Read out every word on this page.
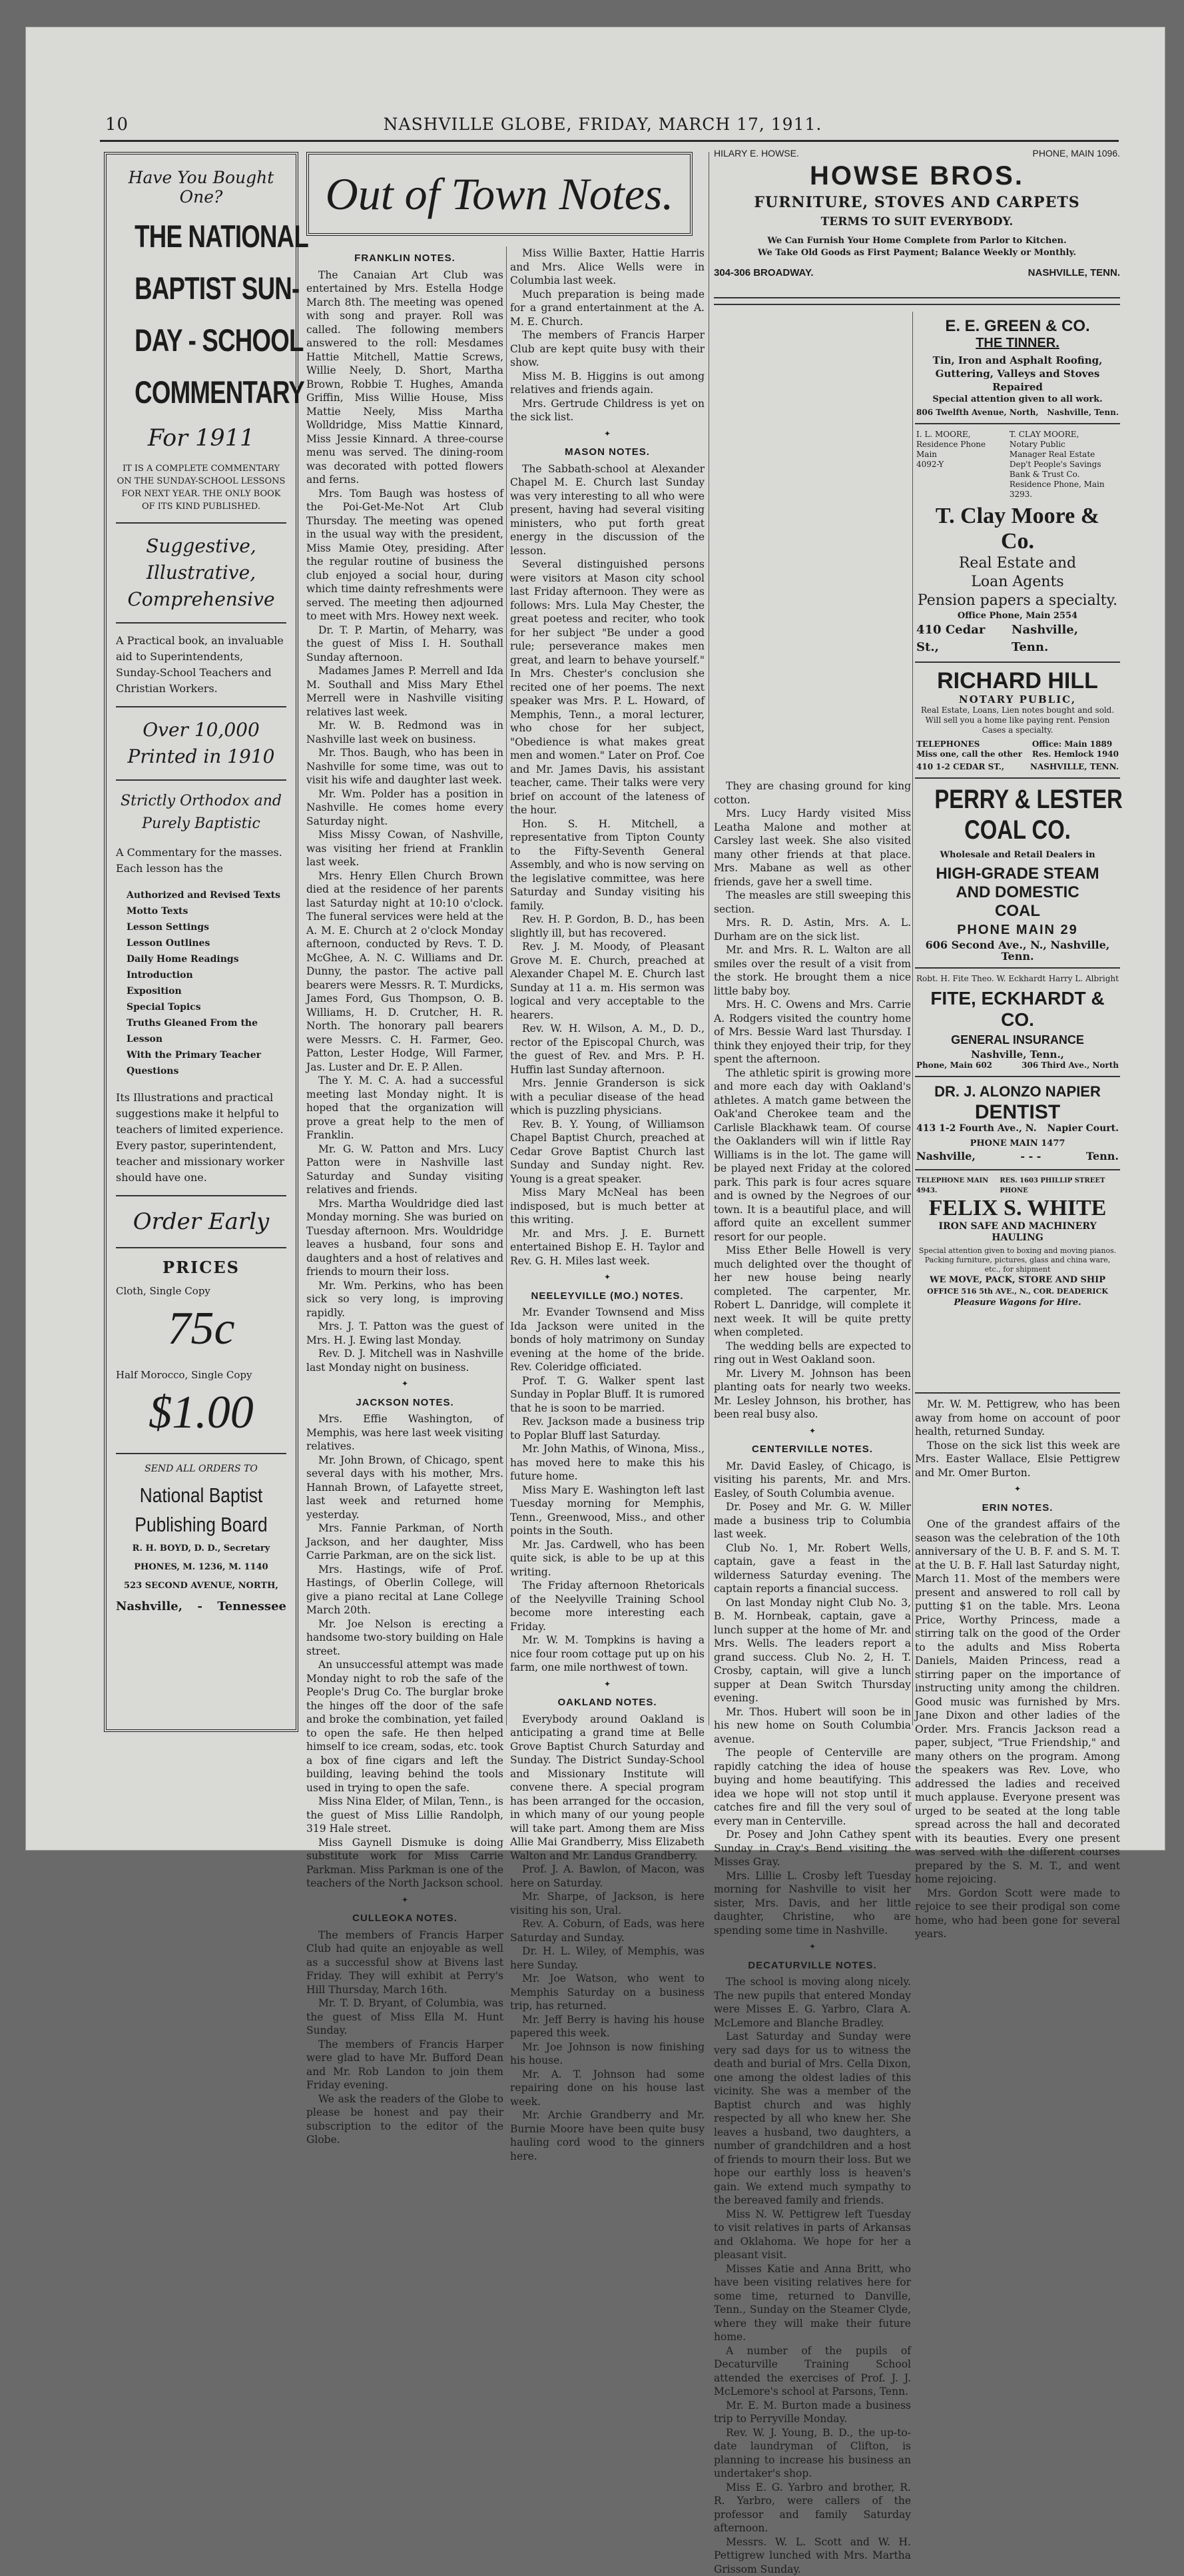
10	NASHVILLE GLOBE, FRIDAY, MARCH 17, 1911.
Have You Bought One?
THE NATIONAL
BAPTIST SUN-
DAY - SCHOOL
COMMENTARY
For 1911
IT IS A COMPLETE COMMENTARY ON THE SUNDAY-SCHOOL LESSONS FOR NEXT YEAR. THE ONLY BOOK OF ITS KIND PUBLISHED.
Suggestive, Illustrative, Comprehensive
A Practical book, an invaluable aid to Superintendents, Sunday-School Teachers and Christian Workers.
Over 10,000 Printed in 1910
Strictly Orthodox and Purely Baptistic
A Commentary for the masses. Each lesson has the
Authorized and Revised Texts
Motto Texts
Lesson Settings
Lesson Outlines
Daily Home Readings
Introduction
Exposition
Special Topics
Truths Gleaned From the Lesson
With the Primary Teacher
Questions
Its Illustrations and practical suggestions make it helpful to teachers of limited experience. Every pastor, superintendent, teacher and missionary worker should have one.
Order Early
PRICES
Cloth, Single Copy
75c
Half Morocco, Single Copy
$1.00
SEND ALL ORDERS TO
National Baptist
Publishing Board
R. H. BOYD, D. D., Secretary
PHONES, M. 1236, M. 1140
523 SECOND AVENUE, NORTH,
Nashville, - Tennessee
Out of Town Notes.
FRANKLIN NOTES.

The Canaian Art Club was entertained by Mrs. Estella Hodge March 8th. The meeting was opened with song and prayer. Roll was called. The following members answered to the roll: Mesdames Hattie Mitchell, Mattie Screws, Willie Neely, D. Short, Martha Brown, Robbie T. Hughes, Amanda Griffin, Miss Willie House, Miss Mattie Neely, Miss Martha Wolldridge, Miss Mattie Kinnard, Miss Jessie Kinnard. A three-course menu was served. The dining-room was decorated with potted flowers and ferns.

Mrs. Tom Baugh was hostess of the Poi-Get-Me-Not Art Club Thursday. The meeting was opened in the usual way with the president, Miss Mamie Otey, presiding. After the regular routine of business the club enjoyed a social hour, during which time dainty refreshments were served. The meeting then adjourned to meet with Mrs. Howey next week.

Dr. T. P. Martin, of Meharry, was the guest of Miss I. H. Southall Sunday afternoon.

Madames James P. Merrell and Ida M. Southall and Miss Mary Ethel Merrell were in Nashville visiting relatives last week.

Mr. W. B. Redmond was in Nashville last week on business.

Mr. Thos. Baugh, who has been in Nashville for some time, was out to visit his wife and daughter last week.

Mr. Wm. Polder has a position in Nashville. He comes home every Saturday night.

Miss Missy Cowan, of Nashville, was visiting her friend at Franklin last week.

Mrs. Henry Ellen Church Brown died at the residence of her parents last Saturday night at 10:10 o'clock. The funeral services were held at the A. M. E. Church at 2 o'clock Monday afternoon, conducted by Revs. T. D. McGhee, A. N. C. Williams and Dr. Dunny, the pastor. The active pall bearers were Messrs. R. T. Murdicks, James Ford, Gus Thompson, O. B. Williams, H. D. Crutcher, H. R. North. The honorary pall bearers were Messrs. C. H. Farmer, Geo. Patton, Lester Hodge, Will Farmer, Jas. Luster and Dr. E. P. Allen.

The Y. M. C. A. had a successful meeting last Monday night. It is hoped that the organization will prove a great help to the men of Franklin.

Mr. G. W. Patton and Mrs. Lucy Patton were in Nashville last Saturday and Sunday visiting relatives and friends.

Mrs. Martha Wouldridge died last Monday morning. She was buried on Tuesday afternoon. Mrs. Wouldridge leaves a husband, four sons and daughters and a host of relatives and friends to mourn their loss.

Mr. Wm. Perkins, who has been sick so very long, is improving rapidly.

Mrs. J. T. Patton was the guest of Mrs. H. J. Ewing last Monday.

Rev. D. J. Mitchell was in Nashville last Monday night on business.

✦
JACKSON NOTES.

Mrs. Effie Washington, of Memphis, was here last week visiting relatives.

Mr. John Brown, of Chicago, spent several days with his mother, Mrs. Hannah Brown, of Lafayette street, last week and returned home yesterday.

Mrs. Fannie Parkman, of North Jackson, and her daughter, Miss Carrie Parkman, are on the sick list.

Mrs. Hastings, wife of Prof. Hastings, of Oberlin College, will give a piano recital at Lane College March 20th.

Mr. Joe Nelson is erecting a handsome two-story building on Hale street.

An unsuccessful attempt was made Monday night to rob the safe of the People's Drug Co. The burglar broke the hinges off the door of the safe and broke the combination, yet failed to open the safe. He then helped himself to ice cream, sodas, etc. took a box of fine cigars and left the building, leaving behind the tools used in trying to open the safe.

Miss Nina Elder, of Milan, Tenn., is the guest of Miss Lillie Randolph, 319 Hale street.

Miss Gaynell Dismuke is doing substitute work for Miss Carrie Parkman. Miss Parkman is one of the teachers of the North Jackson school.

✦
CULLEOKA NOTES.

The members of Francis Harper Club had quite an enjoyable as well as a successful show at Bivens last Friday. They will exhibit at Perry's Hill Thursday, March 16th.

Mr. T. D. Bryant, of Columbia, was the guest of Miss Ella M. Hunt Sunday.

The members of Francis Harper were glad to have Mr. Bufford Dean and Mr. Rob Landon to join them Friday evening.

We ask the readers of the Globe to please be honest and pay their subscription to the editor of the Globe.

Miss Willie Baxter, Hattie Harris and Mrs. Alice Wells were in Columbia last week.

Much preparation is being made for a grand entertainment at the A. M. E. Church.

The members of Francis Harper Club are kept quite busy with their show.

Miss M. B. Higgins is out among relatives and friends again.

Mrs. Gertrude Childress is yet on the sick list.

✦
MASON NOTES.

The Sabbath-school at Alexander Chapel M. E. Church last Sunday was very interesting to all who were present, having had several visiting ministers, who put forth great energy in the discussion of the lesson.

Several distinguished persons were visitors at Mason city school last Friday afternoon. They were as follows: Mrs. Lula May Chester, the great poetess and reciter, who took for her subject "Be under a good rule; perseverance makes men great, and learn to behave yourself." In Mrs. Chester's conclusion she recited one of her poems. The next speaker was Mrs. P. L. Howard, of Memphis, Tenn., a moral lecturer, who chose for her subject, "Obedience is what makes great men and women." Later on Prof. Coe and Mr. James Davis, his assistant teacher, came. Their talks were very brief on account of the lateness of the hour.

Hon. S. H. Mitchell, a representative from Tipton County to the Fifty-Seventh General Assembly, and who is now serving on the legislative committee, was here Saturday and Sunday visiting his family.

Rev. H. P. Gordon, B. D., has been slightly ill, but has recovered.

Rev. J. M. Moody, of Pleasant Grove M. E. Church, preached at Alexander Chapel M. E. Church last Sunday at 11 a. m. His sermon was logical and very acceptable to the hearers.

Rev. W. H. Wilson, A. M., D. D., rector of the Episcopal Church, was the guest of Rev. and Mrs. P. H. Huffin last Sunday afternoon.

Mrs. Jennie Granderson is sick with a peculiar disease of the head which is puzzling physicians.

Rev. B. Y. Young, of Williamson Chapel Baptist Church, preached at Cedar Grove Baptist Church last Sunday and Sunday night. Rev. Young is a great speaker.

Miss Mary McNeal has been indisposed, but is much better at this writing.

Mr. and Mrs. J. E. Burnett entertained Bishop E. H. Taylor and Rev. G. H. Miles last week.

✦
NEELEYVILLE (MO.) NOTES.

Mr. Evander Townsend and Miss Ida Jackson were united in the bonds of holy matrimony on Sunday evening at the home of the bride. Rev. Coleridge officiated.

Prof. T. G. Walker spent last Sunday in Poplar Bluff. It is rumored that he is soon to be married.

Rev. Jackson made a business trip to Poplar Bluff last Saturday.

Mr. John Mathis, of Winona, Miss., has moved here to make this his future home.

Miss Mary E. Washington left last Tuesday morning for Memphis, Tenn., Greenwood, Miss., and other points in the South.

Mr. Jas. Cardwell, who has been quite sick, is able to be up at this writing.

The Friday afternoon Rhetoricals of the Neelyville Training School become more interesting each Friday.

Mr. W. M. Tompkins is having a nice four room cottage put up on his farm, one mile northwest of town.

✦
OAKLAND NOTES.

Everybody around Oakland is anticipating a grand time at Belle Grove Baptist Church Saturday and Sunday. The District Sunday-School and Missionary Institute will convene there. A special program has been arranged for the occasion, in which many of our young people will take part. Among them are Miss Allie Mai Grandberry, Miss Elizabeth Walton and Mr. Landus Grandberry.

Prof. J. A. Bawlon, of Macon, was here on Saturday.

Mr. Sharpe, of Jackson, is here visiting his son, Ural.

Rev. A. Coburn, of Eads, was here Saturday and Sunday.

Dr. H. L. Wiley, of Memphis, was here Sunday.

Mr. Joe Watson, who went to Memphis Saturday on a business trip, has returned.

Mr. Jeff Berry is having his house papered this week.

Mr. Joe Johnson is now finishing his house.

Mr. A. T. Johnson had some repairing done on his house last week.

Mr. Archie Grandberry and Mr. Burnie Moore have been quite busy hauling cord wood to the ginners here.

They are chasing ground for king cotton.

Mrs. Lucy Hardy visited Miss Leatha Malone and mother at Carsley last week. She also visited many other friends at that place. Mrs. Mabane as well as other friends, gave her a swell time.

The measles are still sweeping this section.

Mrs. R. D. Astin, Mrs. A. L. Durham are on the sick list.

Mr. and Mrs. R. L. Walton are all smiles over the result of a visit from the stork. He brought them a nice little baby boy.

Mrs. H. C. Owens and Mrs. Carrie A. Rodgers visited the country home of Mrs. Bessie Ward last Thursday. I think they enjoyed their trip, for they spent the afternoon.

The athletic spirit is growing more and more each day with Oakland's athletes. A match game between the Oak'and Cherokee team and the Carlisle Blackhawk team. Of course the Oaklanders will win if little Ray Williams is in the lot. The game will be played next Friday at the colored park. This park is four acres square and is owned by the Negroes of our town. It is a beautiful place, and will afford quite an excellent summer resort for our people.

Miss Ether Belle Howell is very much delighted over the thought of her new house being nearly completed. The carpenter, Mr. Robert L. Danridge, will complete it next week. It will be quite pretty when completed.

The wedding bells are expected to ring out in West Oakland soon.

Mr. Livery M. Johnson has been planting oats for nearly two weeks. Mr. Lesley Johnson, his brother, has been real busy also.

✦
CENTERVILLE NOTES.

Mr. David Easley, of Chicago, is visiting his parents, Mr. and Mrs. Easley, of South Columbia avenue.

Dr. Posey and Mr. G. W. Miller made a business trip to Columbia last week.

Club No. 1, Mr. Robert Wells, captain, gave a feast in the wilderness Saturday evening. The captain reports a financial success.

On last Monday night Club No. 3, B. M. Hornbeak, captain, gave a lunch supper at the home of Mr. and Mrs. Wells. The leaders report a grand success. Club No. 2, H. T. Crosby, captain, will give a lunch supper at Dean Switch Thursday evening.

Mr. Thos. Hubert will soon be in his new home on South Columbia avenue.

The people of Centerville are rapidly catching the idea of house buying and home beautifying. This idea we hope will not stop until it catches fire and fill the very soul of every man in Centerville.

Dr. Posey and John Cathey spent Sunday in Cray's Bend visiting the Misses Gray.

Mrs. Lillie L. Crosby left Tuesday morning for Nashville to visit her sister, Mrs. Davis, and her little daughter, Christine, who are spending some time in Nashville.

✦
DECATURVILLE NOTES.

The school is moving along nicely. The new pupils that entered Monday were Misses E. G. Yarbro, Clara A. McLemore and Blanche Bradley.

Last Saturday and Sunday were very sad days for us to witness the death and burial of Mrs. Cella Dixon, one among the oldest ladies of this vicinity. She was a member of the Baptist church and was highly respected by all who knew her. She leaves a husband, two daughters, a number of grandchildren and a host of friends to mourn their loss. But we hope our earthly loss is heaven's gain. We extend much sympathy to the bereaved family and friends.

Miss N. W. Pettigrew left Tuesday to visit relatives in parts of Arkansas and Oklahoma. We hope for her a pleasant visit.

Misses Katie and Anna Britt, who have been visiting relatives here for some time, returned to Danville, Tenn., Sunday on the Steamer Clyde, where they will make their future home.

A number of the pupils of Decaturville Training School attended the exercises of Prof. J. J. McLemore's school at Parsons, Tenn.

Mr. E. M. Burton made a business trip to Perryville Monday.

Rev. W. J. Young, B. D., the up-to-date laundryman of Clifton, is planning to increase his business an undertaker's shop.

Miss E. G. Yarbro and brother, R. R. Yarbro, were callers of the professor and family Saturday afternoon.

Messrs. W. L. Scott and W. H. Pettigrew lunched with Mrs. Martha Grissom Sunday.

Mr. W. M. Pettigrew, who has been away from home on account of poor health, returned Sunday.

Those on the sick list this week are Mrs. Easter Wallace, Elsie Pettigrew and Mr. Omer Burton.

✦
ERIN NOTES.

One of the grandest affairs of the season was the celebration of the 10th anniversary of the U. B. F. and S. M. T. at the U. B. F. Hall last Saturday night, March 11. Most of the members were present and answered to roll call by putting $1 on the table. Mrs. Leona Price, Worthy Princess, made a stirring talk on the good of the Order to the adults and Miss Roberta Daniels, Maiden Princess, read a stirring paper on the importance of instructing unity among the children. Good music was furnished by Mrs. Jane Dixon and other ladies of the Order. Mrs. Francis Jackson read a paper, subject, "True Friendship," and many others on the program. Among the speakers was Rev. Love, who addressed the ladies and received much applause. Everyone present was urged to be seated at the long table spread across the hall and decorated with its beauties. Every one present was served with the different courses prepared by the S. M. T., and went home rejoicing.

Mrs. Gordon Scott were made to rejoice to see their prodigal son come home, who had been gone for several years.

HILARY E. HOWSE.	PHONE, MAIN 1096.
HOWSE BROS.
FURNITURE, STOVES AND CARPETS
TERMS TO SUIT EVERYBODY.
We Can Furnish Your Home Complete from Parlor to Kitchen.
We Take Old Goods as First Payment; Balance Weekly or Monthly.
304-306 BROADWAY.	NASHVILLE, TENN.
E. E. GREEN & CO.
THE TINNER.
Tin, Iron and Asphalt Roofing, Guttering, Valleys and Stoves Repaired
Special attention given to all work.
806 Twelfth Avenue, North, Nashville, Tenn.
I. L. MOORE,
Residence Phone Main
4092-Y
T. CLAY MOORE,
Notary Public
Manager Real Estate Dep't People's Savings Bank & Trust Co.
Residence Phone, Main 3293.
T. Clay Moore & Co.
Real Estate and
Loan Agents
Pension papers a specialty.
Office Phone, Main 2554
410 Cedar St.,
Nashville, Tenn.
RICHARD HILL
NOTARY PUBLIC,
Real Estate, Loans, Lien notes bought and sold. Will sell you a home like paying rent. Pension Cases a specialty.
TELEPHONES
Miss one, call the other
Office: Main 1889
Res. Hemlock 1940
410 1-2 CEDAR ST.,	NASHVILLE, TENN.
PERRY & LESTER
COAL CO.
Wholesale and Retail Dealers in
HIGH-GRADE STEAM
AND DOMESTIC
COAL
PHONE MAIN 29
606 Second Ave., N., Nashville, Tenn.
Robt. H. Fite Theo. W. Eckhardt Harry L. Albright
FITE, ECKHARDT & CO.
GENERAL INSURANCE
Nashville, Tenn.,
Phone, Main 602	306 Third Ave., North
DR. J. ALONZO NAPIER
DENTIST
413 1-2 Fourth Ave., N. Napier Court.
PHONE MAIN 1477
Nashville,	- - -	Tenn.
TELEPHONE MAIN 4943.
RES. 1603 PHILLIP STREET PHONE
FELIX S. WHITE
IRON SAFE AND MACHINERY HAULING
Special attention given to boxing and moving pianos. Packing furniture, pictures, glass and china ware, etc., for shipment
WE MOVE, PACK, STORE AND SHIP
OFFICE 516 5th AVE., N., COR. DEADERICK
Pleasure Wagons for Hire.
